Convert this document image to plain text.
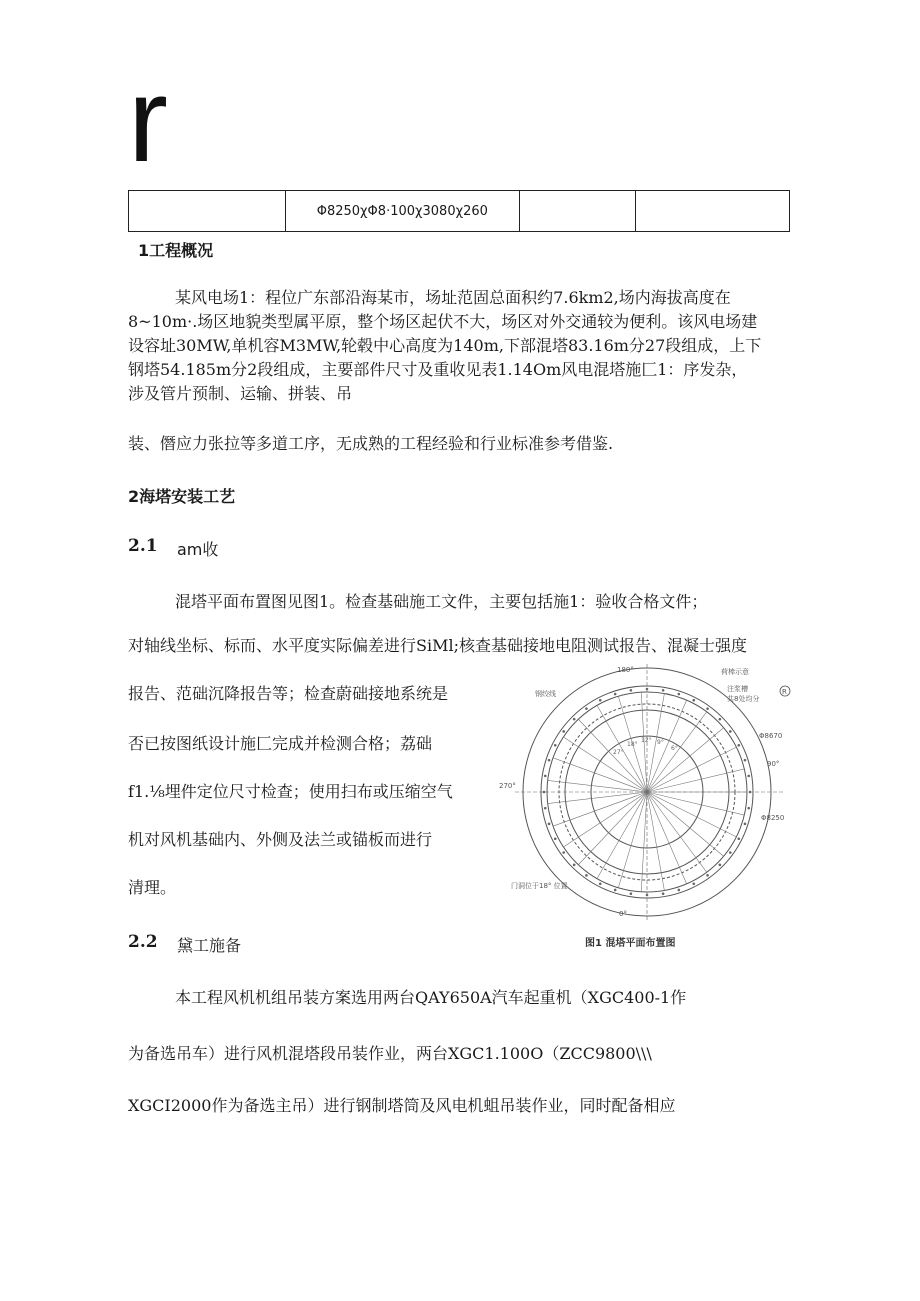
r
	Φ8250χΦ8·100χ3080χ260		
1工程概况
某风电场1：程位广东部沿海某市，场址范固总面积约7.6km2,场内海拔高度在
8~10m·.场区地貌类型属平原，整个场区起伏不大，场区对外交通较为便利。该风电场建
设容址30MW,单机容M3MW,轮毂中心高度为140m,下部混塔83.16m分27段组成，上下
钢塔54.185m分2段组成，主要部件尺寸及重收见表1.14Om风电混塔施匚1：序发杂，
涉及管片预制、运输、拼装、吊
装、僭应力张拉等多道工序，无成熟的工程经验和行业标准参考借鉴.
2海塔安装工艺
2.1 am收
混塔平面布置图见图1。检查基础施工文件，主要包括施1：验收合格文件；
对轴线坐标、标而、水平度实际偏差进行SiMl;核查基础接地电阻测试报告、混凝士强度
报告、范础沉降报告等；检查蔚础接地系统是
否已按图纸设计施匚完成并检测合格；荔础
f1.⅛埋件定位尺寸检查；使用扫布或压缩空气
机对风机基础内、外侧及法兰或锚板而进行
清理。
180°
270°
90°
0°
荷棒示意
注浆槽
共8处均分
R
钢绞线
Φ8670
Φ8250
门洞位于18° 位置
27°
18°
12° 9°
6°
图1 混塔平面布置图
2.2 黛工施备
本工程风机机组吊装方案选用两台QAY650A汽车起重机（XGC400-1作
为备选吊车）进行风机混塔段吊装作业，两台XGC1.100O（ZCC9800\\\
XGCI2000作为备选主吊）进行钢制塔筒及风电机蛆吊装作业，同时配备相应
